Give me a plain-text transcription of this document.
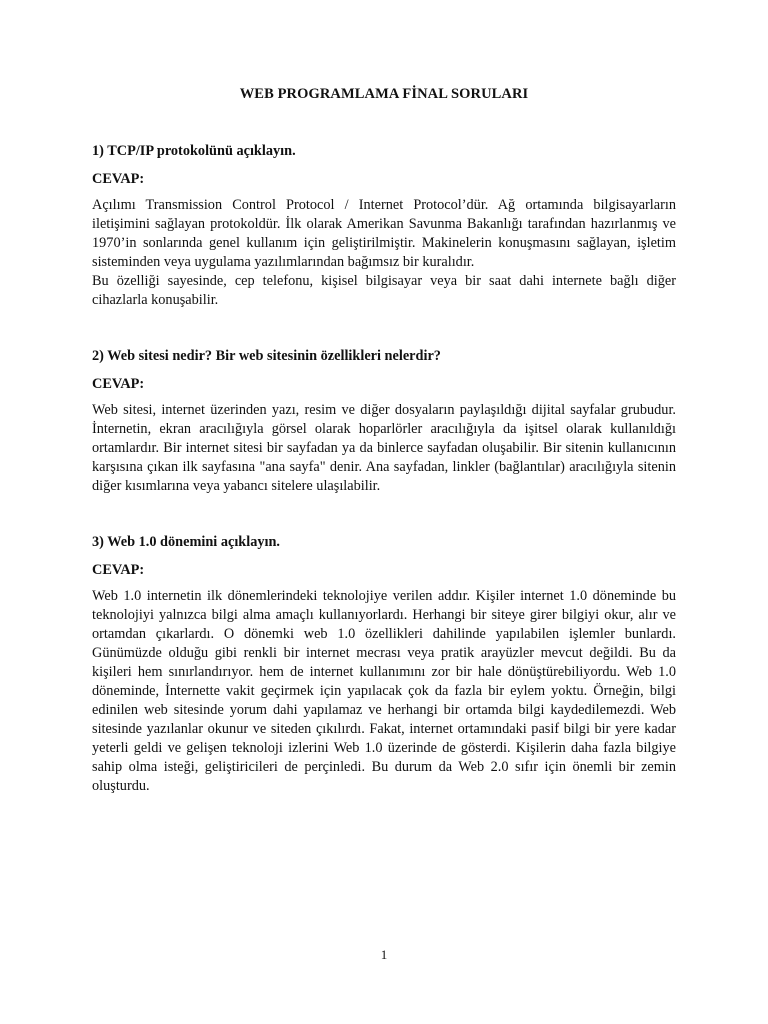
WEB PROGRAMLAMA FİNAL SORULARI

1) TCP/IP protokolünü açıklayın.

CEVAP:

Açılımı Transmission Control Protocol / Internet Protocol’dür. Ağ ortamında bilgisayarların iletişimini sağlayan protokoldür. İlk olarak Amerikan Savunma Bakanlığı tarafından hazırlanmış ve 1970’in sonlarında genel kullanım için geliştirilmiştir. Makinelerin konuşmasını sağlayan, işletim sisteminden veya uygulama yazılımlarından bağımsız bir kuralıdır.

Bu özelliği sayesinde, cep telefonu, kişisel bilgisayar veya bir saat dahi internete bağlı diğer cihazlarla konuşabilir.

2) Web sitesi nedir? Bir web sitesinin özellikleri nelerdir?

CEVAP:

Web sitesi, internet üzerinden yazı, resim ve diğer dosyaların paylaşıldığı dijital sayfalar grubudur. İnternetin, ekran aracılığıyla görsel olarak hoparlörler aracılığıyla da işitsel olarak kullanıldığı ortamlardır. Bir internet sitesi bir sayfadan ya da binlerce sayfadan oluşabilir. Bir sitenin kullanıcının karşısına çıkan ilk sayfasına "ana sayfa" denir. Ana sayfadan, linkler (bağlantılar) aracılığıyla sitenin diğer kısımlarına veya yabancı sitelere ulaşılabilir.

3) Web 1.0 dönemini açıklayın.

CEVAP:

Web 1.0 internetin ilk dönemlerindeki teknolojiye verilen addır. Kişiler internet 1.0 döneminde bu teknolojiyi yalnızca bilgi alma amaçlı kullanıyorlardı. Herhangi bir siteye girer bilgiyi okur, alır ve ortamdan çıkarlardı. O dönemki web 1.0 özellikleri dahilinde yapılabilen işlemler bunlardı. Günümüzde olduğu gibi renkli bir internet mecrası veya pratik arayüzler mevcut değildi. Bu da kişileri hem sınırlandırıyor. hem de internet kullanımını zor bir hale dönüştürebiliyordu. Web 1.0 döneminde, İnternette vakit geçirmek için yapılacak çok da fazla bir eylem yoktu. Örneğin, bilgi edinilen web sitesinde yorum dahi yapılamaz ve herhangi bir ortamda bilgi kaydedilemezdi. Web sitesinde yazılanlar okunur ve siteden çıkılırdı. Fakat, internet ortamındaki pasif bilgi bir yere kadar yeterli geldi ve gelişen teknoloji izlerini Web 1.0 üzerinde de gösterdi. Kişilerin daha fazla bilgiye sahip olma isteği, geliştiricileri de perçinledi. Bu durum da Web 2.0 sıfır için önemli bir zemin oluşturdu.

1
